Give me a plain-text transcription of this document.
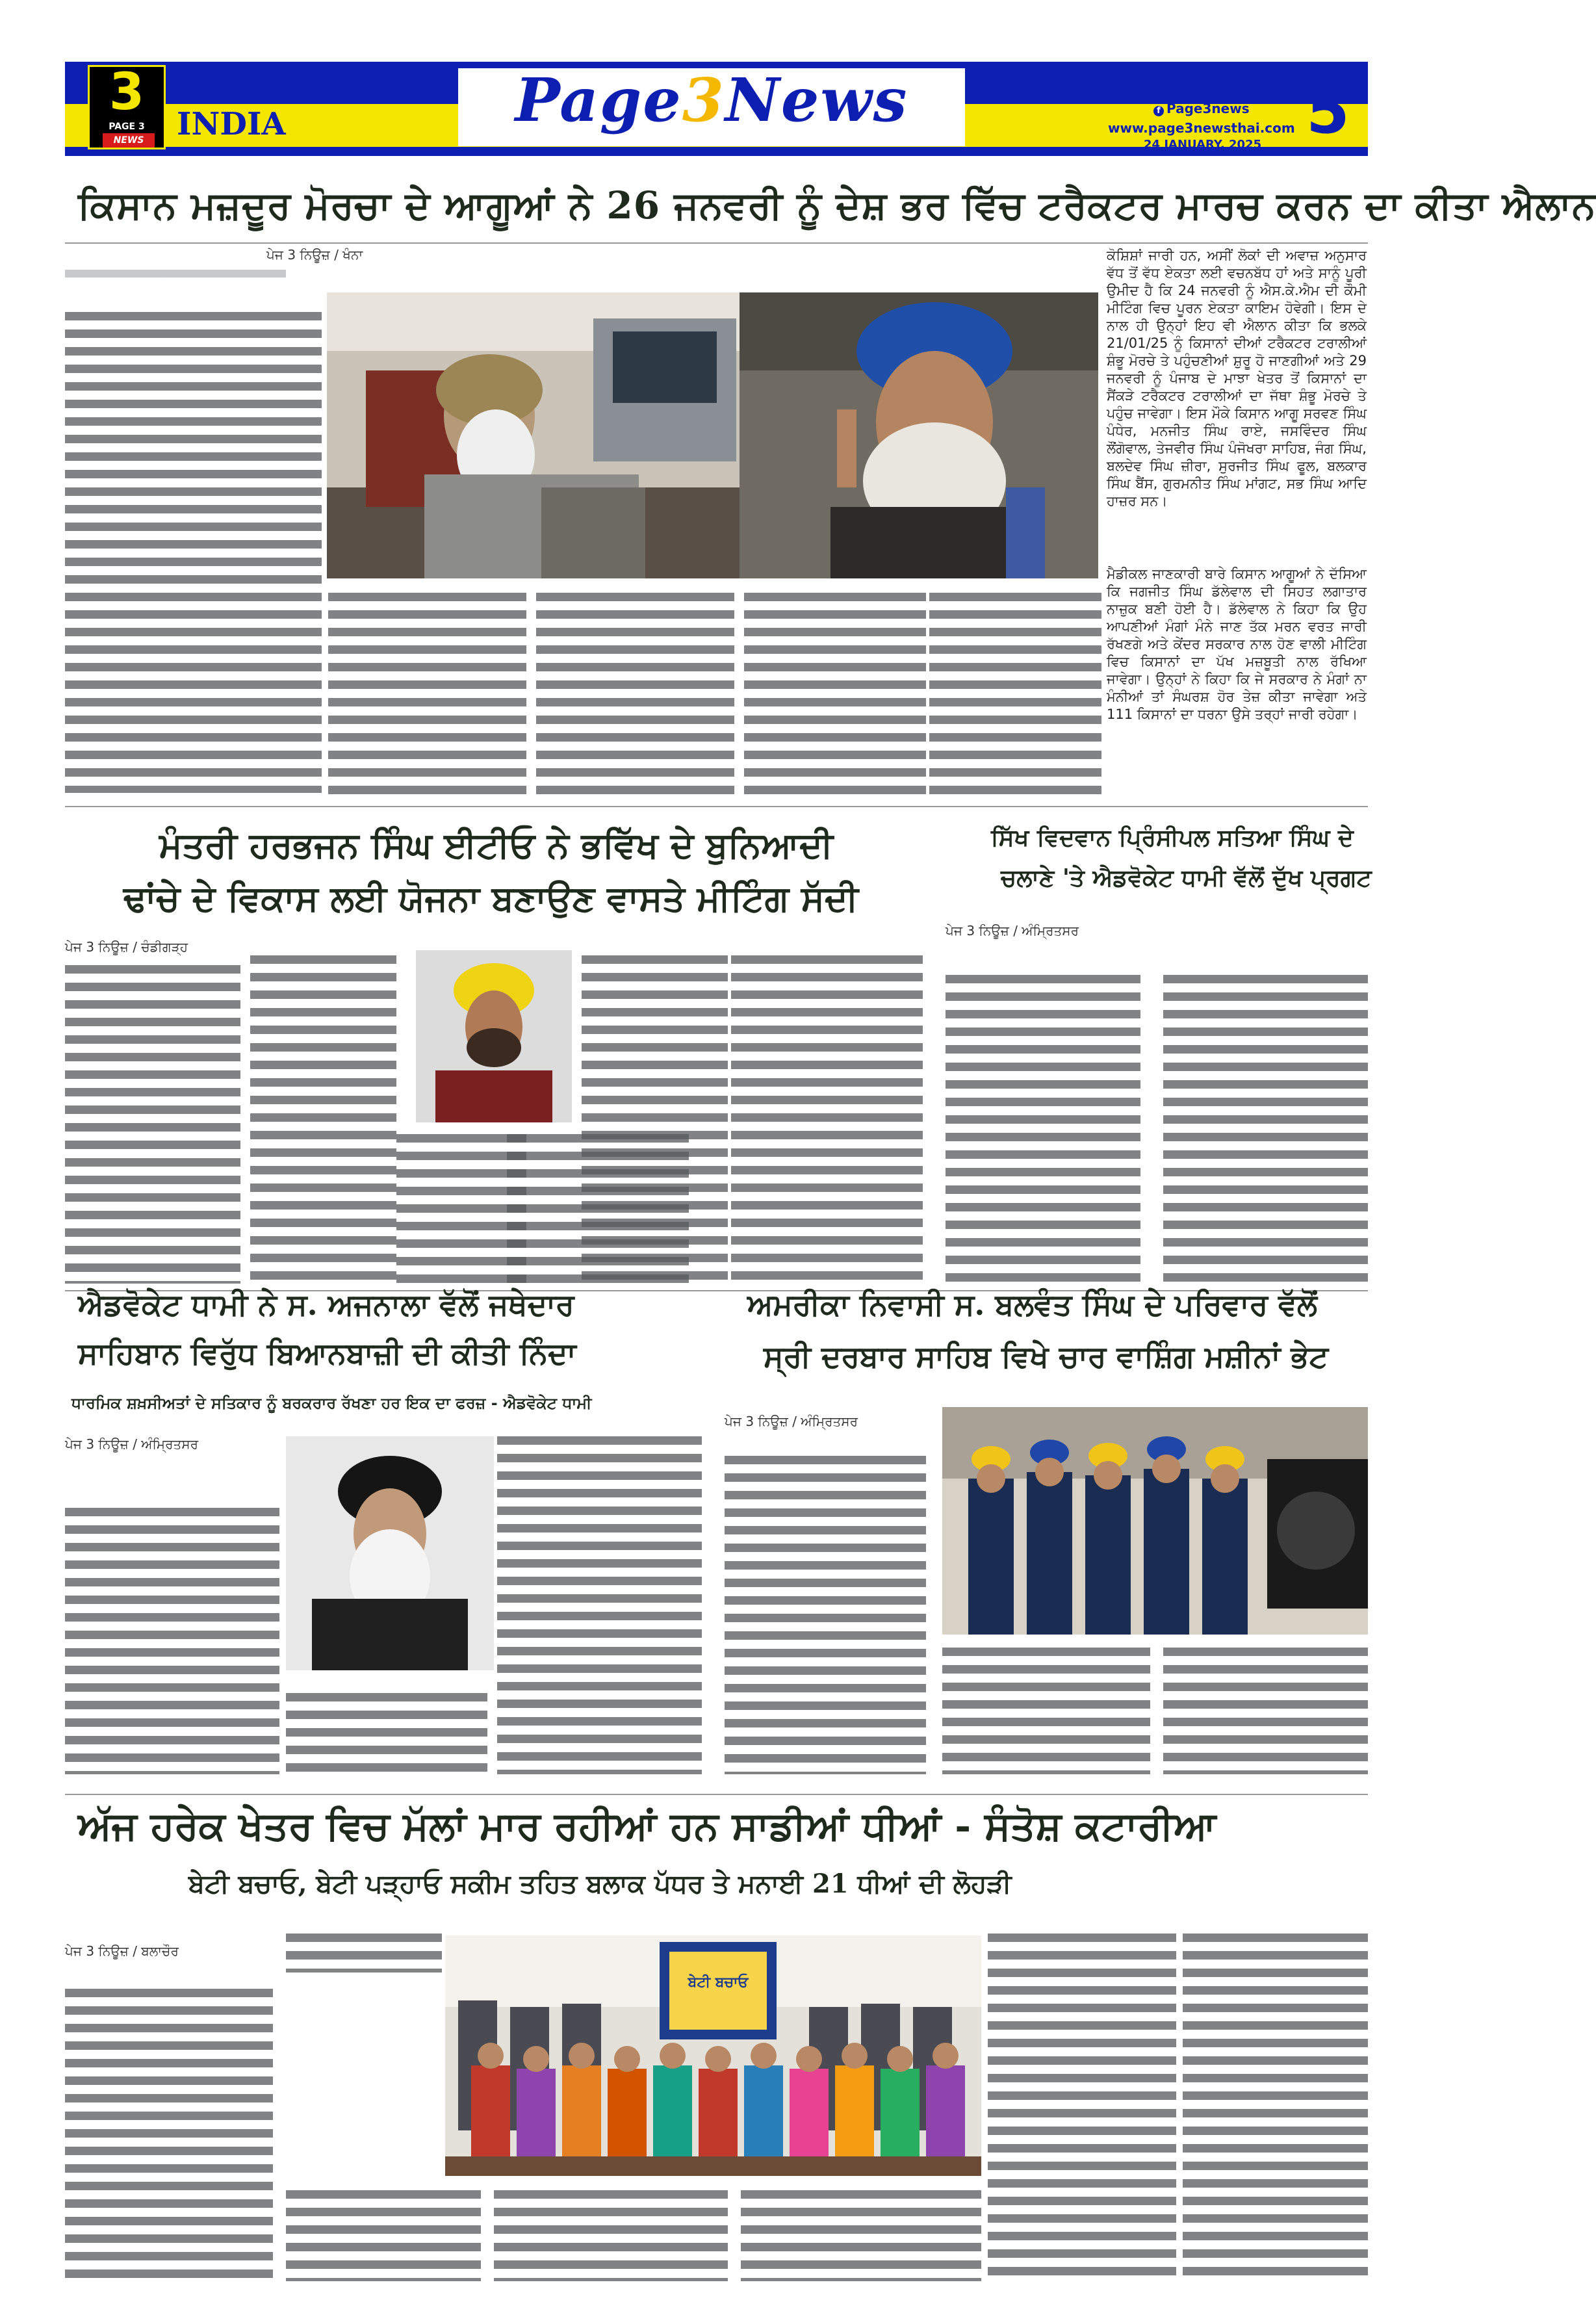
3
PAGE 3
NEWS	INDIA	Page3News	f Page3news
www.page3newsthai.com
24 JANUARY, 2025 5
ਕਿਸਾਨ ਮਜ਼ਦੂਰ ਮੋਰਚਾ ਦੇ ਆਗੂਆਂ ਨੇ 26 ਜਨਵਰੀ ਨੂੰ ਦੇਸ਼ ਭਰ ਵਿੱਚ ਟਰੈਕਟਰ ਮਾਰਚ ਕਰਨ ਦਾ ਕੀਤਾ ਐਲਾਨ
ਪੇਜ 3 ਨਿਊਜ਼ / ਖੰਨਾ	ਕੋਸ਼ਿਸ਼ਾਂ ਜਾਰੀ ਹਨ, ਅਸੀਂ ਲੋਕਾਂ ਦੀ ਅਵਾਜ਼ ਅਨੁਸਾਰ ਵੱਧ ਤੋਂ ਵੱਧ ਏਕਤਾ ਲਈ ਵਚਨਬੱਧ ਹਾਂ ਅਤੇ ਸਾਨੂੰ ਪੂਰੀ ਉਮੀਦ ਹੈ ਕਿ 24 ਜਨਵਰੀ ਨੂੰ ਐਸ.ਕੇ.ਐਮ ਦੀ ਕੌਮੀ ਮੀਟਿੰਗ ਵਿਚ ਪੂਰਨ ਏਕਤਾ ਕਾਇਮ ਹੋਵੇਗੀ। ਇਸ ਦੇ ਨਾਲ ਹੀ ਉਨ੍ਹਾਂ ਇਹ ਵੀ ਐਲਾਨ ਕੀਤਾ ਕਿ ਭਲਕੇ 21/01/25 ਨੂੰ ਕਿਸਾਨਾਂ ਦੀਆਂ ਟਰੈਕਟਰ ਟਰਾਲੀਆਂ ਸ਼ੰਭੂ ਮੋਰਚੇ ਤੇ ਪਹੁੰਚਣੀਆਂ ਸ਼ੁਰੂ ਹੋ ਜਾਣਗੀਆਂ ਅਤੇ 29 ਜਨਵਰੀ ਨੂੰ ਪੰਜਾਬ ਦੇ ਮਾਝਾ ਖੇਤਰ ਤੋਂ ਕਿਸਾਨਾਂ ਦਾ ਸੈਂਕੜੇ ਟਰੈਕਟਰ ਟਰਾਲੀਆਂ ਦਾ ਜੱਥਾ ਸ਼ੰਭੂ ਮੋਰਚੇ ਤੇ ਪਹੁੰਚ ਜਾਵੇਗਾ। ਇਸ ਮੌਕੇ ਕਿਸਾਨ ਆਗੂ ਸਰਵਣ ਸਿੰਘ ਪੰਧੇਰ, ਮਨਜੀਤ ਸਿੰਘ ਰਾਏ, ਜਸਵਿੰਦਰ ਸਿੰਘ ਲੌਂਗੋਵਾਲ, ਤੇਜਵੀਰ ਸਿੰਘ ਪੰਜੋਖਰਾ ਸਾਹਿਬ, ਜੰਗ ਸਿੰਘ, ਬਲਦੇਵ ਸਿੰਘ ਜ਼ੀਰਾ, ਸੁਰਜੀਤ ਸਿੰਘ ਫੂਲ, ਬਲਕਾਰ ਸਿੰਘ ਬੈਂਸ, ਗੁਰਮਨੀਤ ਸਿੰਘ ਮਾਂਗਟ, ਸਭ ਸਿੰਘ ਆਦਿ ਹਾਜ਼ਰ ਸਨ।
ਮੈਡੀਕਲ ਜਾਣਕਾਰੀ ਬਾਰੇ ਕਿਸਾਨ ਆਗੂਆਂ ਨੇ ਦੱਸਿਆ ਕਿ ਜਗਜੀਤ ਸਿੰਘ ਡੱਲੇਵਾਲ ਦੀ ਸਿਹਤ ਲਗਾਤਾਰ ਨਾਜ਼ੁਕ ਬਣੀ ਹੋਈ ਹੈ। ਡੱਲੇਵਾਲ ਨੇ ਕਿਹਾ ਕਿ ਉਹ ਆਪਣੀਆਂ ਮੰਗਾਂ ਮੰਨੇ ਜਾਣ ਤੱਕ ਮਰਨ ਵਰਤ ਜਾਰੀ ਰੱਖਣਗੇ ਅਤੇ ਕੇਂਦਰ ਸਰਕਾਰ ਨਾਲ ਹੋਣ ਵਾਲੀ ਮੀਟਿੰਗ ਵਿਚ ਕਿਸਾਨਾਂ ਦਾ ਪੱਖ ਮਜ਼ਬੂਤੀ ਨਾਲ ਰੱਖਿਆ ਜਾਵੇਗਾ। ਉਨ੍ਹਾਂ ਨੇ ਕਿਹਾ ਕਿ ਜੇ ਸਰਕਾਰ ਨੇ ਮੰਗਾਂ ਨਾ ਮੰਨੀਆਂ ਤਾਂ ਸੰਘਰਸ਼ ਹੋਰ ਤੇਜ਼ ਕੀਤਾ ਜਾਵੇਗਾ ਅਤੇ 111 ਕਿਸਾਨਾਂ ਦਾ ਧਰਨਾ ਉਸੇ ਤਰ੍ਹਾਂ ਜਾਰੀ ਰਹੇਗਾ।
ਮੰਤਰੀ ਹਰਭਜਨ ਸਿੰਘ ਈਟੀਓ ਨੇ ਭਵਿੱਖ ਦੇ ਬੁਨਿਆਦੀ
ਢਾਂਚੇ ਦੇ ਵਿਕਾਸ ਲਈ ਯੋਜਨਾ ਬਣਾਉਣ ਵਾਸਤੇ ਮੀਟਿੰਗ ਸੱਦੀ
ਪੇਜ 3 ਨਿਊਜ਼ / ਚੰਡੀਗੜ੍ਹ
ਸਿੱਖ ਵਿਦਵਾਨ ਪ੍ਰਿੰਸੀਪਲ ਸਤਿਆ ਸਿੰਘ ਦੇ
ਚਲਾਣੇ 'ਤੇ ਐਡਵੋਕੇਟ ਧਾਮੀ ਵੱਲੋਂ ਦੁੱਖ ਪ੍ਰਗਟ
ਪੇਜ 3 ਨਿਊਜ਼ / ਅੰਮ੍ਰਿਤਸਰ
ਐਡਵੋਕੇਟ ਧਾਮੀ ਨੇ ਸ. ਅਜਨਾਲਾ ਵੱਲੋਂ ਜਥੇਦਾਰ
ਸਾਹਿਬਾਨ ਵਿਰੁੱਧ ਬਿਆਨਬਾਜ਼ੀ ਦੀ ਕੀਤੀ ਨਿੰਦਾ
ਧਾਰਮਿਕ ਸ਼ਖ਼ਸੀਅਤਾਂ ਦੇ ਸਤਿਕਾਰ ਨੂੰ ਬਰਕਰਾਰ ਰੱਖਣਾ ਹਰ ਇਕ ਦਾ ਫਰਜ਼ - ਐਡਵੋਕੇਟ ਧਾਮੀ
ਪੇਜ 3 ਨਿਊਜ਼ / ਅੰਮ੍ਰਿਤਸਰ
ਅਮਰੀਕਾ ਨਿਵਾਸੀ ਸ. ਬਲਵੰਤ ਸਿੰਘ ਦੇ ਪਰਿਵਾਰ ਵੱਲੋਂ
ਸ੍ਰੀ ਦਰਬਾਰ ਸਾਹਿਬ ਵਿਖੇ ਚਾਰ ਵਾਸ਼ਿੰਗ ਮਸ਼ੀਨਾਂ ਭੇਟ
ਪੇਜ 3 ਨਿਊਜ਼ / ਅੰਮ੍ਰਿਤਸਰ
ਅੱਜ ਹਰੇਕ ਖੇਤਰ ਵਿਚ ਮੱਲਾਂ ਮਾਰ ਰਹੀਆਂ ਹਨ ਸਾਡੀਆਂ ਧੀਆਂ - ਸੰਤੋਸ਼ ਕਟਾਰੀਆ
ਬੇਟੀ ਬਚਾਓ, ਬੇਟੀ ਪੜ੍ਹਾਓ ਸਕੀਮ ਤਹਿਤ ਬਲਾਕ ਪੱਧਰ ਤੇ ਮਨਾਈ 21 ਧੀਆਂ ਦੀ ਲੋਹੜੀ
ਪੇਜ 3 ਨਿਊਜ਼ / ਬਲਾਚੌਰ
ਬੇਟੀ ਬਚਾਓ
